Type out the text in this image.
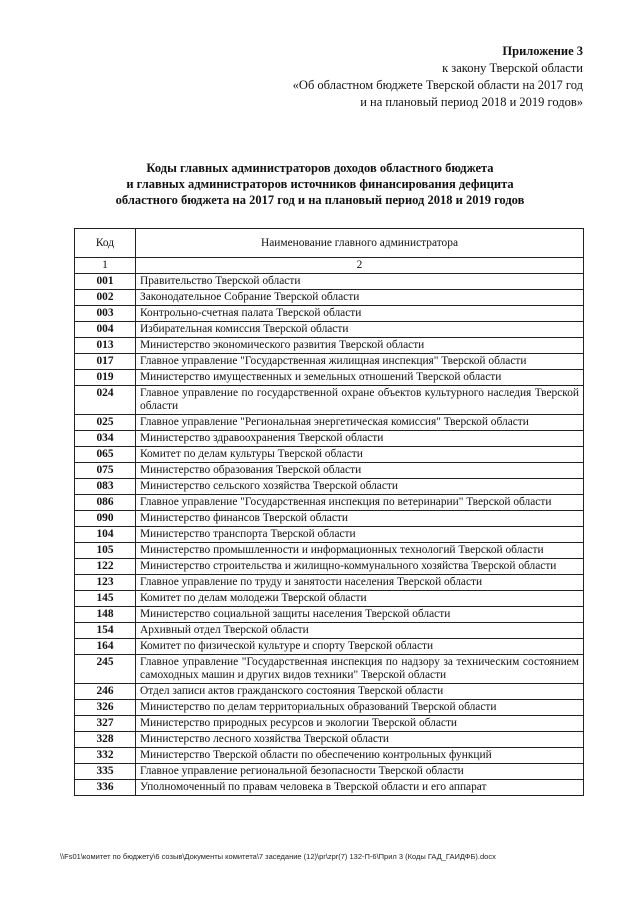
Приложение 3
к закону Тверской области
«Об областном бюджете Тверской области на 2017 год
и на плановый период 2018 и 2019 годов»
Коды главных администраторов доходов областного бюджета
и главных администраторов источников финансирования дефицита
областного бюджета на 2017 год и на плановый период 2018 и 2019 годов
Код	Наименование главного администратора
1	2
001	Правительство Тверской области
002	Законодательное Собрание Тверской области
003	Контрольно-счетная палата Тверской области
004	Избирательная комиссия Тверской области
013	Министерство экономического развития Тверской области
017	Главное управление "Государственная жилищная инспекция" Тверской области
019	Министерство имущественных и земельных отношений Тверской области
024	Главное управление по государственной охране объектов культурного наследия Тверской области
025	Главное управление "Региональная энергетическая комиссия" Тверской области
034	Министерство здравоохранения Тверской области
065	Комитет по делам культуры Тверской области
075	Министерство образования Тверской области
083	Министерство сельского хозяйства Тверской области
086	Главное управление "Государственная инспекция по ветеринарии" Тверской области
090	Министерство финансов Тверской области
104	Министерство транспорта Тверской области
105	Министерство промышленности и информационных технологий Тверской области
122	Министерство строительства и жилищно-коммунального хозяйства Тверской области
123	Главное управление по труду и занятости населения Тверской области
145	Комитет по делам молодежи Тверской области
148	Министерство социальной защиты населения Тверской области
154	Архивный отдел Тверской области
164	Комитет по физической культуре и спорту Тверской области
245	Главное управление "Государственная инспекция по надзору за техническим состоянием самоходных машин и других видов техники" Тверской области
246	Отдел записи актов гражданского состояния Тверской области
326	Министерство по делам территориальных образований Тверской области
327	Министерство природных ресурсов и экологии Тверской области
328	Министерство лесного хозяйства Тверской области
332	Министерство Тверской области по обеспечению контрольных функций
335	Главное управление региональной безопасности Тверской области
336	Уполномоченный по правам человека в Тверской области и его аппарат
\\Fs01\комитет по бюджету\6 созыв\Документы комитета\7 заседание (12)\pr\zpr(7) 132-П-6\Прил 3 (Коды ГАД_ГАИДФБ).docx
